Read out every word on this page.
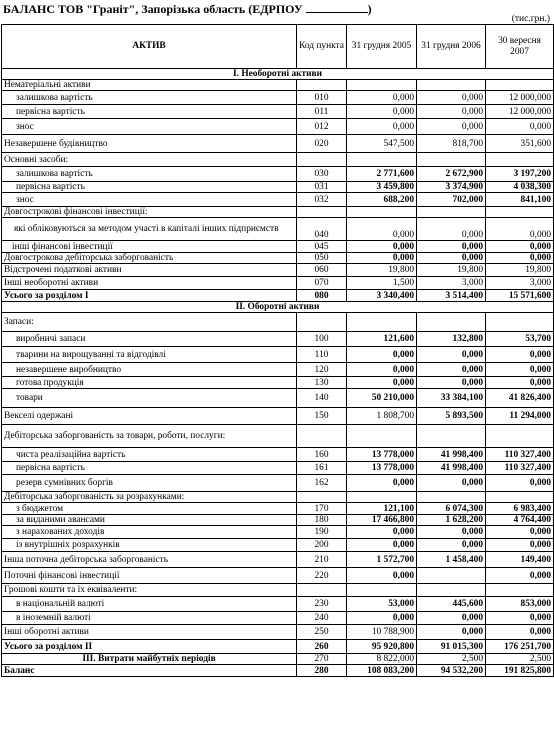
БАЛАНС ТОВ "Граніт", Запорізька область (ЕДРПОУ	)
(тис.грн.)
АКТИВ	Код пункта	31 грудня 2005	31 грудня 2006	30 вересня 2007
І. Необоротні активи				
Нематеріальні активи				
залишкова вартість	010	0,000	0,000	12 000,000
первісна вартість	011	0,000	0,000	12 000,000
знос	012	0,000	0,000	0,000
Незавершене будівництво	020	547,500	818,700	351,600
Основні засоби:				
залишкова вартість	030	2 771,600	2 672,900	3 197,200
первісна вартість	031	3 459,800	3 374,900	4 038,300
знос	032	688,200	702,000	841,100
Довгострокові фінансові інвестиції:				
які обліковуються за методом участі в капіталі інших підприємств	040	0,000	0,000	0,000
інші фінансові інвестиції	045	0,000	0,000	0,000
Довгострокова дебіторська заборгованість	050	0,000	0,000	0,000
Відстрочені податкові активи	060	19,800	19,800	19,800
Інші необоротні активи	070	1,500	3,000	3,000
Усього за розділом І	080	3 340,400	3 514,400	15 571,600
ІІ. Оборотні активи				
Запаси:				
виробничі запаси	100	121,600	132,800	53,700
тварини на вирощуванні та відгодівлі	110	0,000	0,000	0,000
незавершене виробництво	120	0,000	0,000	0,000
готова продукція	130	0,000	0,000	0,000
товари	140	50 210,000	33 384,100	41 826,400
Векселі одержані	150	1 808,700	5 893,500	11 294,000
Дебіторська заборгованість за товари, роботи, послуги:				
чиста реалізаційна вартість	160	13 778,000	41 998,400	110 327,400
первісна вартість	161	13 778,000	41 998,400	110 327,400
резерв сумнівних боргів	162	0,000	0,000	0,000
Дебіторська заборгованість за розрахунками:				
з бюджетом	170	121,100	6 074,300	6 983,400
за виданими авансами	180	17 466,800	1 628,200	4 764,400
з нарахованих доходів	190	0,000	0,000	0,000
із внутрішніх розрахунків	200	0,000	0,000	0,000
Інша поточна дебіторська заборгованість	210	1 572,700	1 458,400	149,400
Поточні фінансові інвестиції	220	0,000		0,000
Грошові кошти та їх еквіваленти:				
в національній валюті	230	53,000	445,600	853,000
в іноземній валюті	240	0,000	0,000	0,000
Інші оборотні активи	250	10 788,900	0,000	0,000
Усього за розділом ІІ	260	95 920,800	91 015,300	176 251,700
ІІІ. Витрати майбутніх періодів	270	8 822,000	2,500	2,500
Баланс	280	108 083,200	94 532,200	191 825,800
